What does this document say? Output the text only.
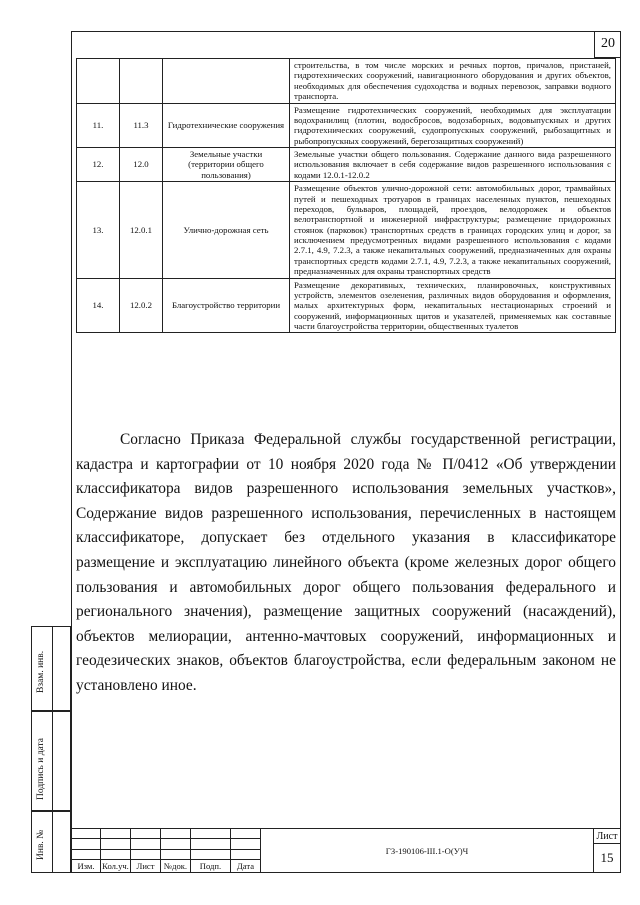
20
			строительства, в том числе морских и речных портов, причалов, пристаней, гидротехнических сооружений, навигационного оборудования и других объектов, необходимых для обеспечения судоходства и водных перевозок, заправки водного транспорта.
11.	11.3	Гидротехнические сооружения	Размещение гидротехнических сооружений, необходимых для эксплуатации водохранилищ (плотин, водосбросов, водозаборных, водовыпускных и других гидротехнических сооружений, судопропускных сооружений, рыбозащитных и рыбопропускных сооружений, берегозащитных сооружений)
12.	12.0	Земельные участки (территории общего пользования)	Земельные участки общего пользования. Содержание данного вида разрешенного использования включает в себя содержание видов разрешенного использования с кодами 12.0.1-12.0.2
13.	12.0.1	Улично-дорожная сеть	Размещение объектов улично-дорожной сети: автомобильных дорог, трамвайных путей и пешеходных тротуаров в границах населенных пунктов, пешеходных переходов, бульваров, площадей, проездов, велодорожек и объектов велотранспортной и инженерной инфраструктуры; размещение придорожных стоянок (парковок) транспортных средств в границах городских улиц и дорог, за исключением предусмотренных видами разрешенного использования с кодами 2.7.1, 4.9, 7.2.3, а также некапитальных сооружений, предназначенных для охраны транспортных средств кодами 2.7.1, 4.9, 7.2.3, а также некапитальных сооружений, предназначенных для охраны транспортных средств
14.	12.0.2	Благоустройство территории	Размещение декоративных, технических, планировочных, конструктивных устройств, элементов озеленения, различных видов оборудования и оформления, малых архитектурных форм, некапитальных нестационарных строений и сооружений, информационных щитов и указателей, применяемых как составные части благоустройства территории, общественных туалетов

Согласно Приказа Федеральной службы государственной регистрации, кадастра и картографии от 10 ноября 2020 года № П/0412 «Об утверждении классификатора видов разрешенного использования земельных участков», Содержание видов разрешенного использования, перечисленных в настоящем классификаторе, допускает без отдельного указания в классификаторе размещение и эксплуатацию линейного объекта (кроме железных дорог общего пользования и автомобильных дорог общего пользования федерального и регионального значения), размещение защитных сооружений (насаждений), объектов мелиорации, антенно-мачтовых сооружений, информационных и геодезических знаков, объектов благоустройства, если федеральным законом не установлено иное.

Взам. инв.
Подпись и дата
Инв. №
Изм. Кол.уч. Лист	№док.	Подп.	Дата
ГЗ-190106-III.1-О(У)Ч
Лист
15
